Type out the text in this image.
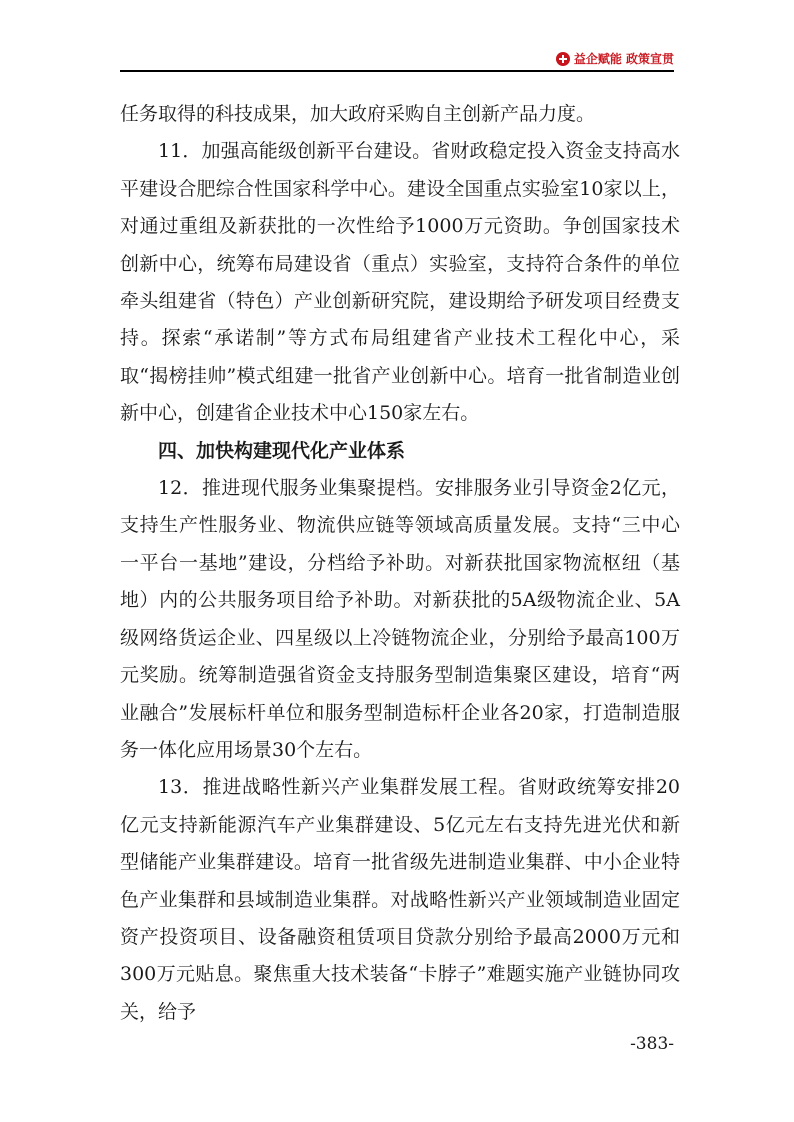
益企赋能 政策宣贯

任务取得的科技成果，加大政府采购自主创新产品力度。

11．加强高能级创新平台建设。省财政稳定投入资金支持高水平建设合肥综合性国家科学中心。建设全国重点实验室10家以上，对通过重组及新获批的一次性给予1000万元资助。争创国家技术创新中心，统筹布局建设省（重点）实验室，支持符合条件的单位牵头组建省（特色）产业创新研究院，建设期给予研发项目经费支持。探索“承诺制”等方式布局组建省产业技术工程化中心，采取“揭榜挂帅”模式组建一批省产业创新中心。培育一批省制造业创新中心，创建省企业技术中心150家左右。

四、加快构建现代化产业体系

12．推进现代服务业集聚提档。安排服务业引导资金2亿元，支持生产性服务业、物流供应链等领域高质量发展。支持“三中心一平台一基地”建设，分档给予补助。对新获批国家物流枢纽（基地）内的公共服务项目给予补助。对新获批的5A级物流企业、5A级网络货运企业、四星级以上冷链物流企业，分别给予最高100万元奖励。统筹制造强省资金支持服务型制造集聚区建设，培育“两业融合”发展标杆单位和服务型制造标杆企业各20家，打造制造服务一体化应用场景30个左右。

13．推进战略性新兴产业集群发展工程。省财政统筹安排20亿元支持新能源汽车产业集群建设、5亿元左右支持先进光伏和新型储能产业集群建设。培育一批省级先进制造业集群、中小企业特色产业集群和县域制造业集群。对战略性新兴产业领域制造业固定资产投资项目、设备融资租赁项目贷款分别给予最高2000万元和300万元贴息。聚焦重大技术装备“卡脖子”难题实施产业链协同攻关，给予

-383-
